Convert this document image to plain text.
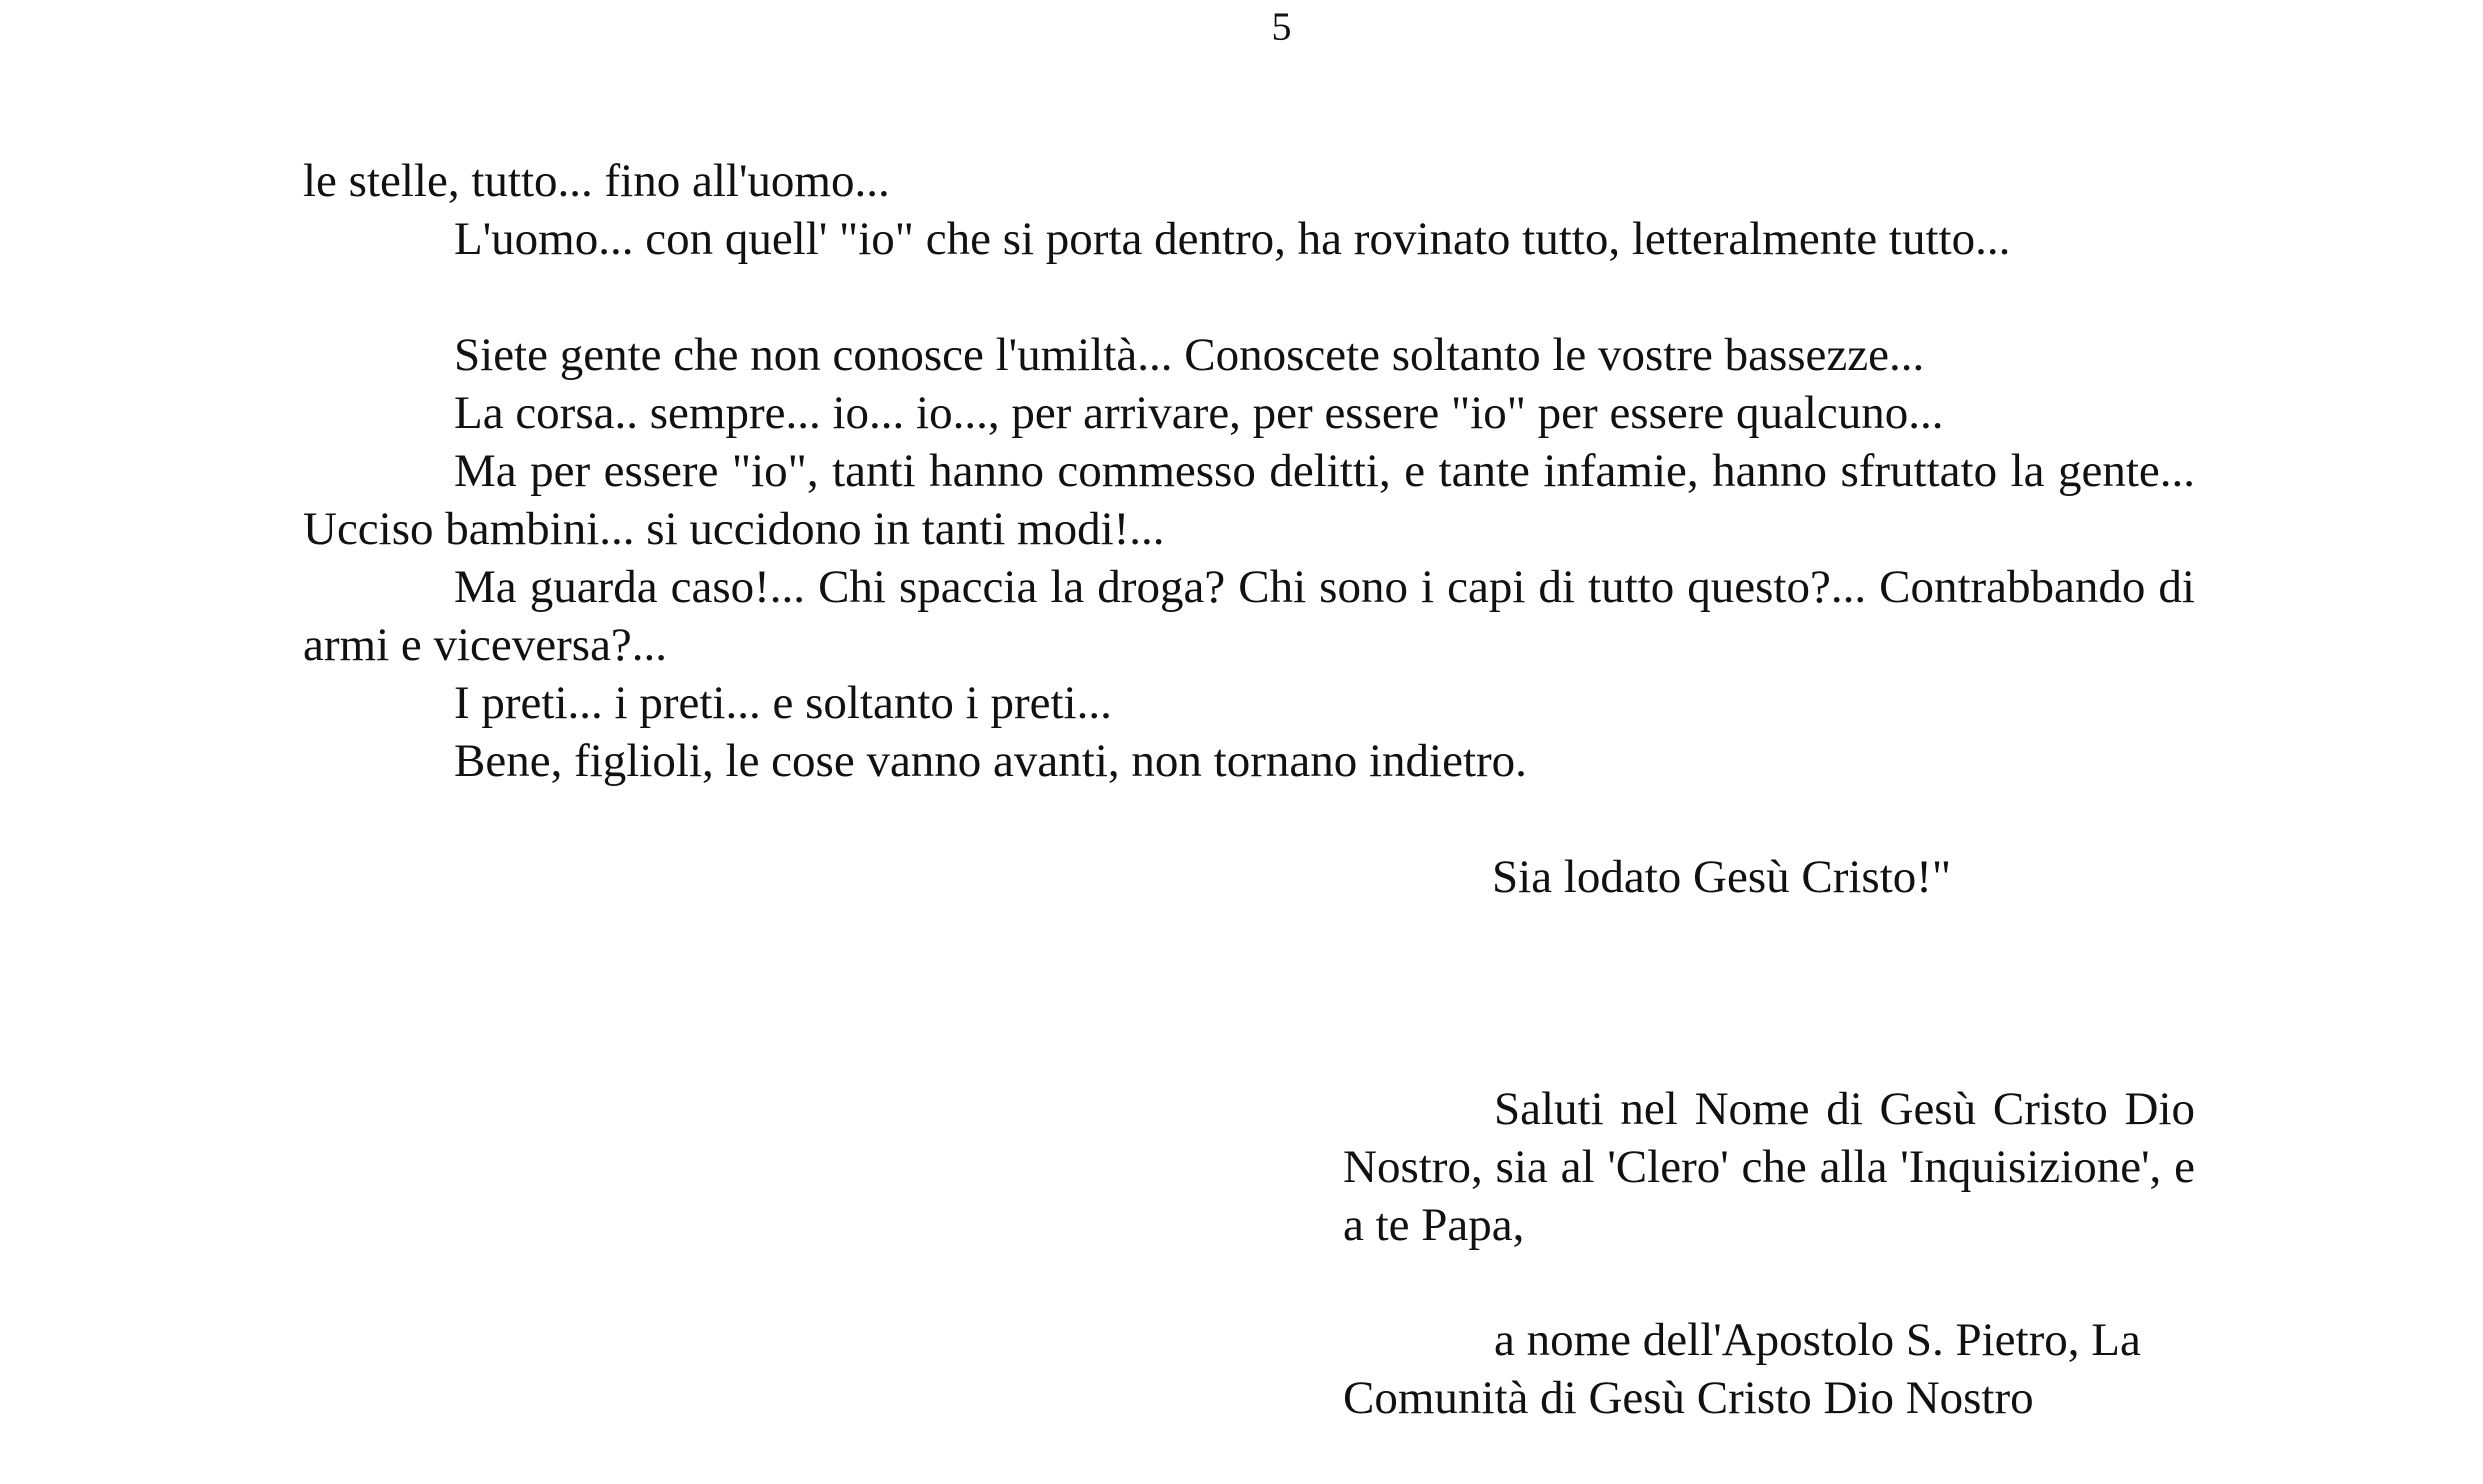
5

le stelle, tutto... fino all'uomo...

L'uomo... con quell' "io" che si porta dentro, ha rovinato tutto, letteralmente tutto...

Siete gente che non conosce l'umiltà... Conoscete soltanto le vostre bassezze...

La corsa.. sempre... io... io..., per arrivare, per essere "io" per essere qualcuno...

Ma per essere "io", tanti hanno commesso delitti, e tante infamie, hanno sfruttato la gente... Ucciso bambini... si uccidono in tanti modi!...

Ma guarda caso!... Chi spaccia la droga? Chi sono i capi di tutto questo?... Contrabbando di armi e viceversa?...

I preti... i preti... e soltanto i preti...

Bene, figlioli, le cose vanno avanti, non tornano indietro.

Sia lodato Gesù Cristo!"

Saluti nel Nome di Gesù Cristo Dio Nostro, sia al 'Clero' che alla 'Inquisizione', e a te Papa,

a nome dell'Apostolo S. Pietro, La

Comunità di Gesù Cristo Dio Nostro
